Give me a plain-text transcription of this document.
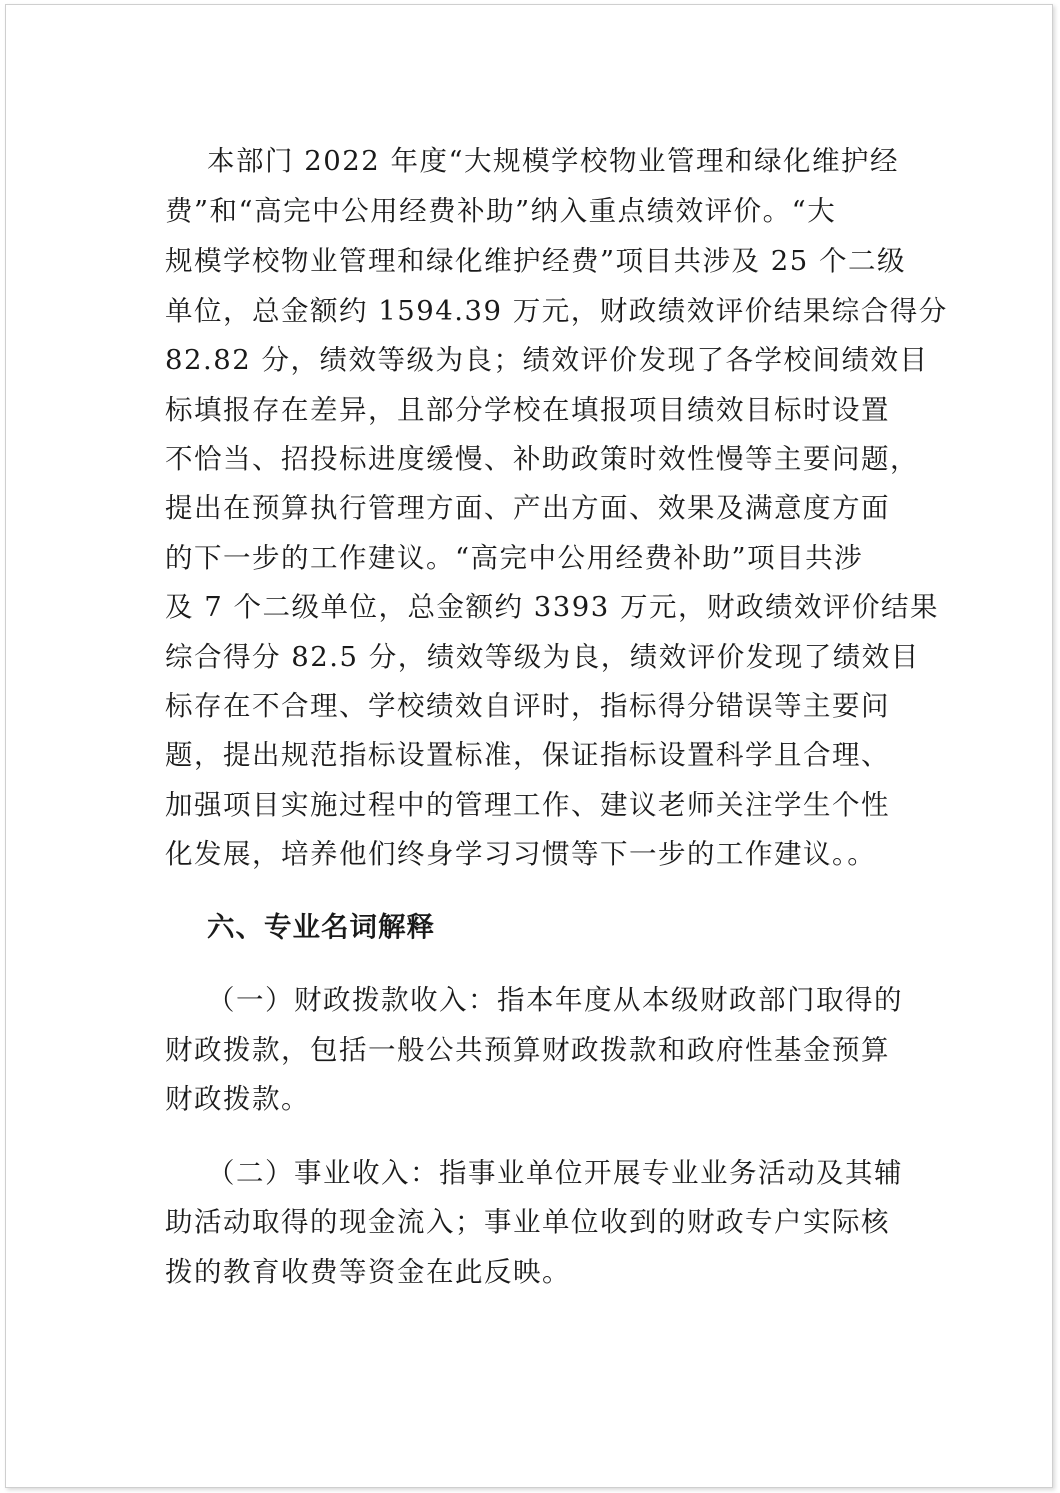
本部门 2022 年度“大规模学校物业管理和绿化维护经
费”和“高完中公用经费补助”纳入重点绩效评价。“大
规模学校物业管理和绿化维护经费”项目共涉及 25 个二级
单位，总金额约 1594.39 万元，财政绩效评价结果综合得分
82.82 分，绩效等级为良；绩效评价发现了各学校间绩效目
标填报存在差异，且部分学校在填报项目绩效目标时设置
不恰当、招投标进度缓慢、补助政策时效性慢等主要问题，
提出在预算执行管理方面、产出方面、效果及满意度方面
的下一步的工作建议。“高完中公用经费补助”项目共涉
及 7 个二级单位，总金额约 3393 万元，财政绩效评价结果
综合得分 82.5 分，绩效等级为良，绩效评价发现了绩效目
标存在不合理、学校绩效自评时，指标得分错误等主要问
题，提出规范指标设置标准，保证指标设置科学且合理、
加强项目实施过程中的管理工作、建议老师关注学生个性
化发展，培养他们终身学习习惯等下一步的工作建议。。
六、专业名词解释
（一）财政拨款收入：指本年度从本级财政部门取得的
财政拨款，包括一般公共预算财政拨款和政府性基金预算
财政拨款。
（二）事业收入：指事业单位开展专业业务活动及其辅
助活动取得的现金流入；事业单位收到的财政专户实际核
拨的教育收费等资金在此反映。
